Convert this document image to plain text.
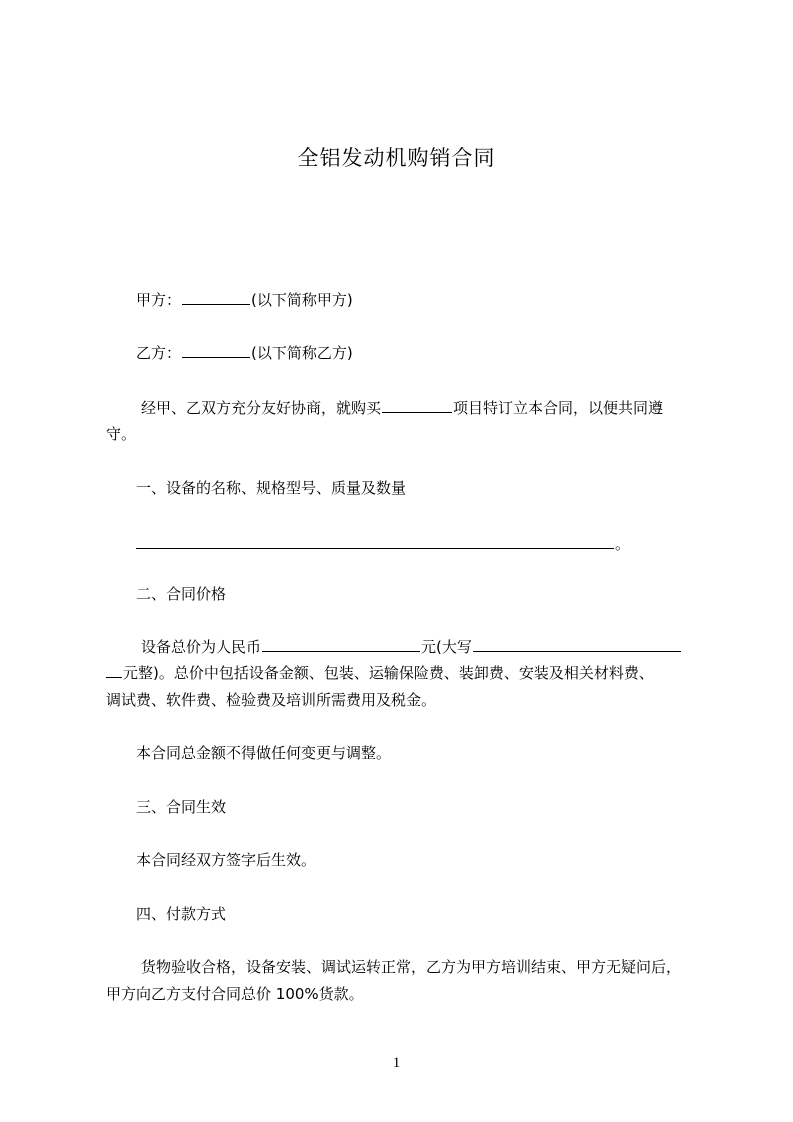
全铝发动机购销合同
甲方：	(以下简称甲方)
乙方：	(以下简称乙方)
经甲、乙双方充分友好协商，就购买	项目特订立本合同，以便共同遵
守。
一、设备的名称、规格型号、质量及数量
。
二、合同价格
设备总价为人民币	元(大写
元整)。总价中包括设备金额、包装、运输保险费、装卸费、安装及相关材料费、
调试费、软件费、检验费及培训所需费用及税金。
本合同总金额不得做任何变更与调整。
三、合同生效
本合同经双方签字后生效。
四、付款方式
货物验收合格，设备安装、调试运转正常，乙方为甲方培训结束、甲方无疑问后，
甲方向乙方支付合同总价 100%货款。
1
